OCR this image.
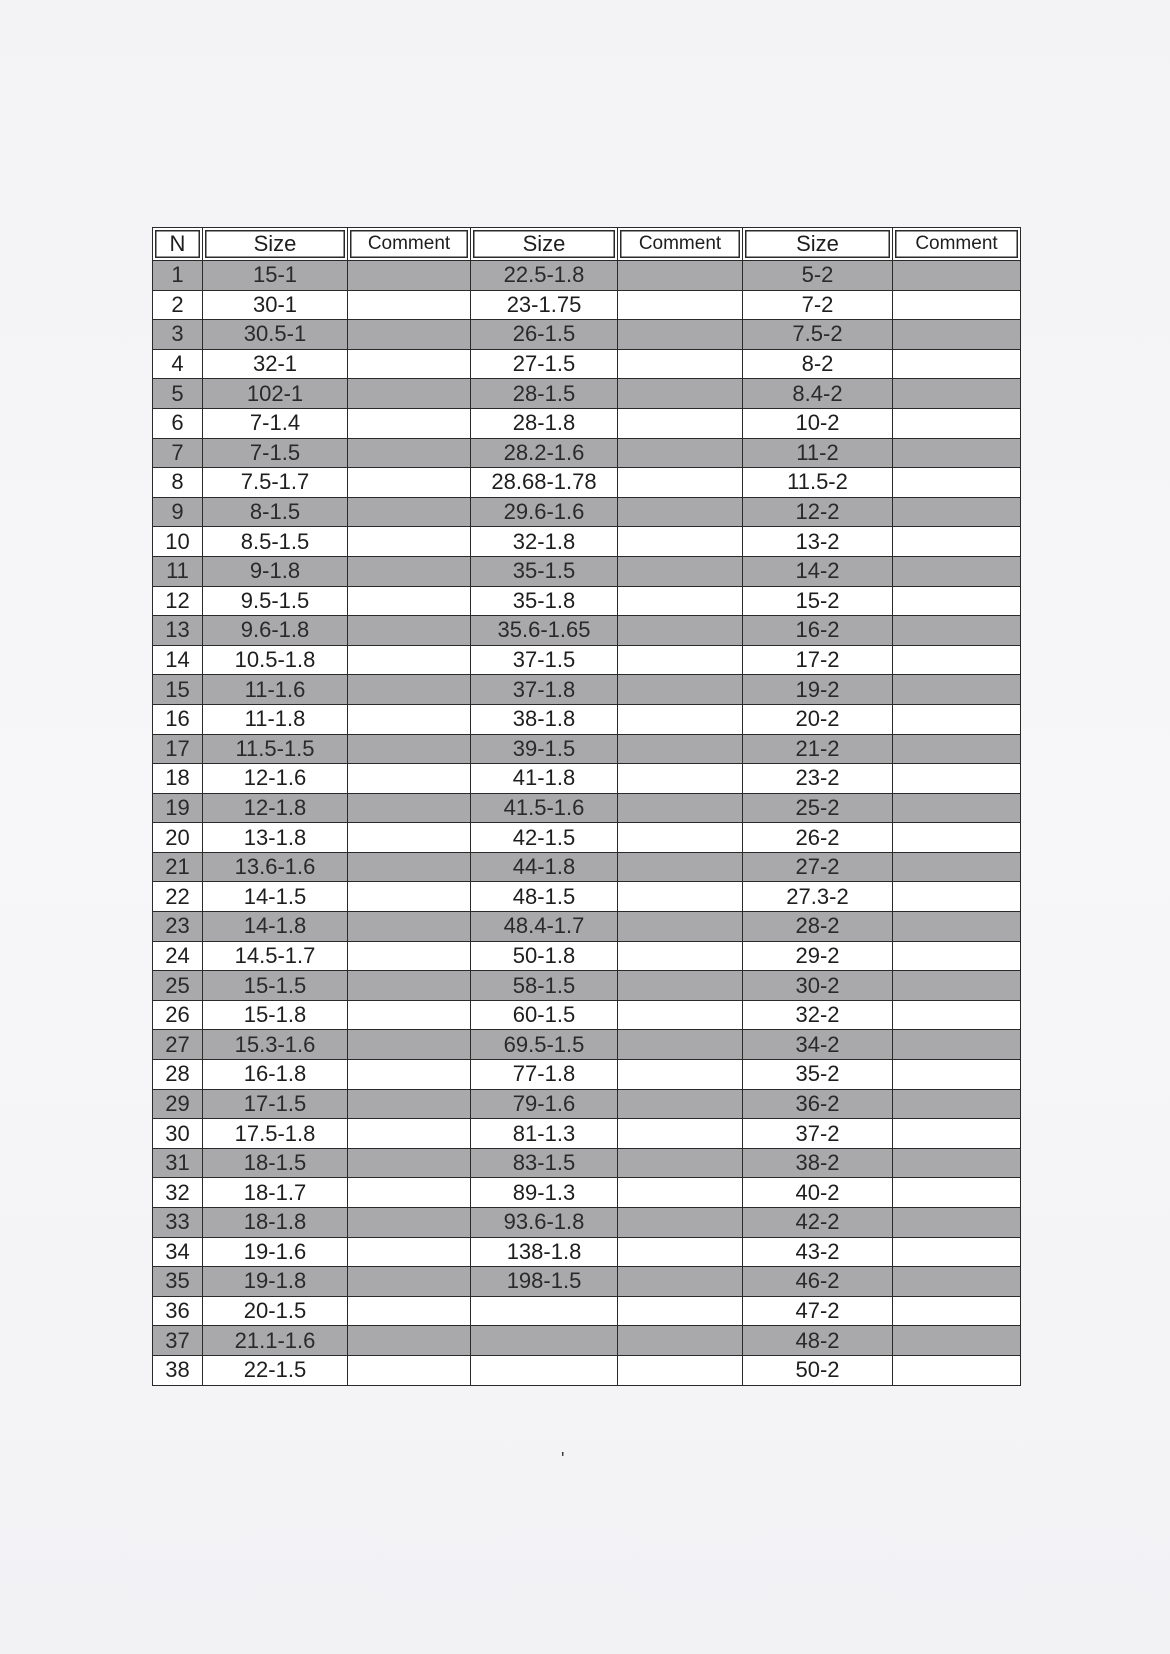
N	Size	Comment	Size	Comment	Size	Comment
1	15-1		22.5-1.8		5-2	
2	30-1		23-1.75		7-2	
3	30.5-1		26-1.5		7.5-2	
4	32-1		27-1.5		8-2	
5	102-1		28-1.5		8.4-2	
6	7-1.4		28-1.8		10-2	
7	7-1.5		28.2-1.6		11-2	
8	7.5-1.7		28.68-1.78		11.5-2	
9	8-1.5		29.6-1.6		12-2	
10	8.5-1.5		32-1.8		13-2	
11	9-1.8		35-1.5		14-2	
12	9.5-1.5		35-1.8		15-2	
13	9.6-1.8		35.6-1.65		16-2	
14	10.5-1.8		37-1.5		17-2	
15	11-1.6		37-1.8		19-2	
16	11-1.8		38-1.8		20-2	
17	11.5-1.5		39-1.5		21-2	
18	12-1.6		41-1.8		23-2	
19	12-1.8		41.5-1.6		25-2	
20	13-1.8		42-1.5		26-2	
21	13.6-1.6		44-1.8		27-2	
22	14-1.5		48-1.5		27.3-2	
23	14-1.8		48.4-1.7		28-2	
24	14.5-1.7		50-1.8		29-2	
25	15-1.5		58-1.5		30-2	
26	15-1.8		60-1.5		32-2	
27	15.3-1.6		69.5-1.5		34-2	
28	16-1.8		77-1.8		35-2	
29	17-1.5		79-1.6		36-2	
30	17.5-1.8		81-1.3		37-2	
31	18-1.5		83-1.5		38-2	
32	18-1.7		89-1.3		40-2	
33	18-1.8		93.6-1.8		42-2	
34	19-1.6		138-1.8		43-2	
35	19-1.8		198-1.5		46-2	
36	20-1.5				47-2	
37	21.1-1.6				48-2	
38	22-1.5				50-2	
'
